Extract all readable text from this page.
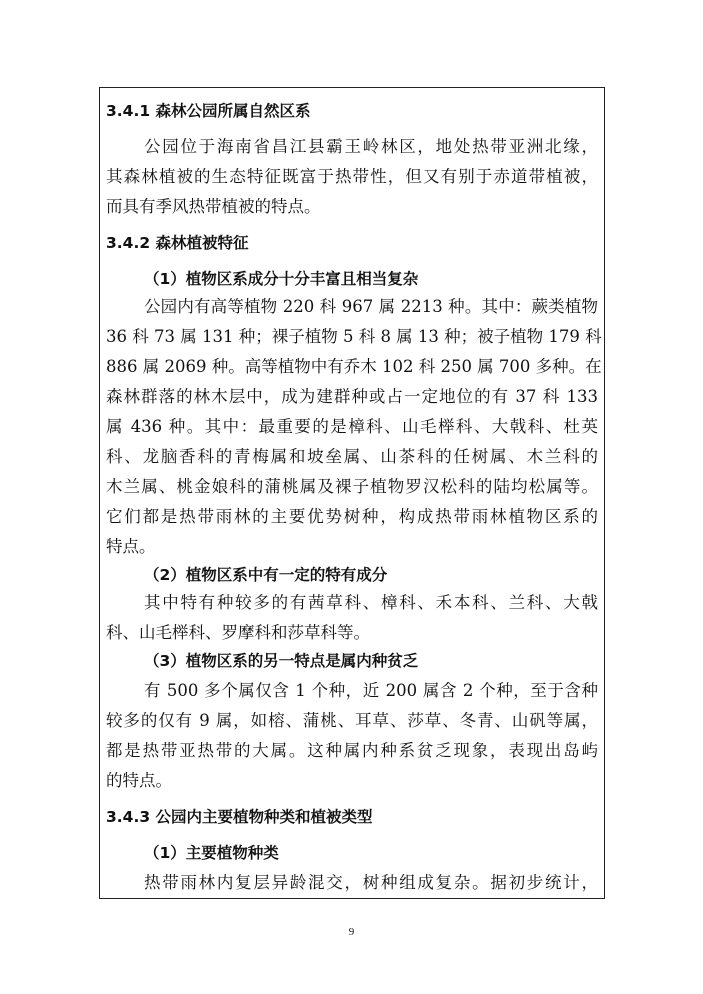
3.4.1 森林公园所属自然区系
公园位于海南省昌江县霸王岭林区，地处热带亚洲北缘，
其森林植被的生态特征既富于热带性，但又有别于赤道带植被，
而具有季风热带植被的特点。
3.4.2 森林植被特征
（1）植物区系成分十分丰富且相当复杂
公园内有高等植物 220 科 967 属 2213 种。其中：蕨类植物
36 科 73 属 131 种；裸子植物 5 科 8 属 13 种；被子植物 179 科
886 属 2069 种。高等植物中有乔木 102 科 250 属 700 多种。在
森林群落的林木层中，成为建群种或占一定地位的有 37 科 133
属 436 种。其中：最重要的是樟科、山毛榉科、大戟科、杜英
科、龙脑香科的青梅属和坡垒属、山茶科的任树属、木兰科的
木兰属、桃金娘科的蒲桃属及裸子植物罗汉松科的陆均松属等。
它们都是热带雨林的主要优势树种，构成热带雨林植物区系的
特点。
（2）植物区系中有一定的特有成分
其中特有种较多的有茜草科、樟科、禾本科、兰科、大戟
科、山毛榉科、罗摩科和莎草科等。
（3）植物区系的另一特点是属内种贫乏
有 500 多个属仅含 1 个种，近 200 属含 2 个种，至于含种
较多的仅有 9 属，如榕、蒲桃、耳草、莎草、冬青、山矾等属，
都是热带亚热带的大属。这种属内种系贫乏现象，表现出岛屿
的特点。
3.4.3 公园内主要植物种类和植被类型
（1）主要植物种类
热带雨林内复层异龄混交，树种组成复杂。据初步统计，
9
